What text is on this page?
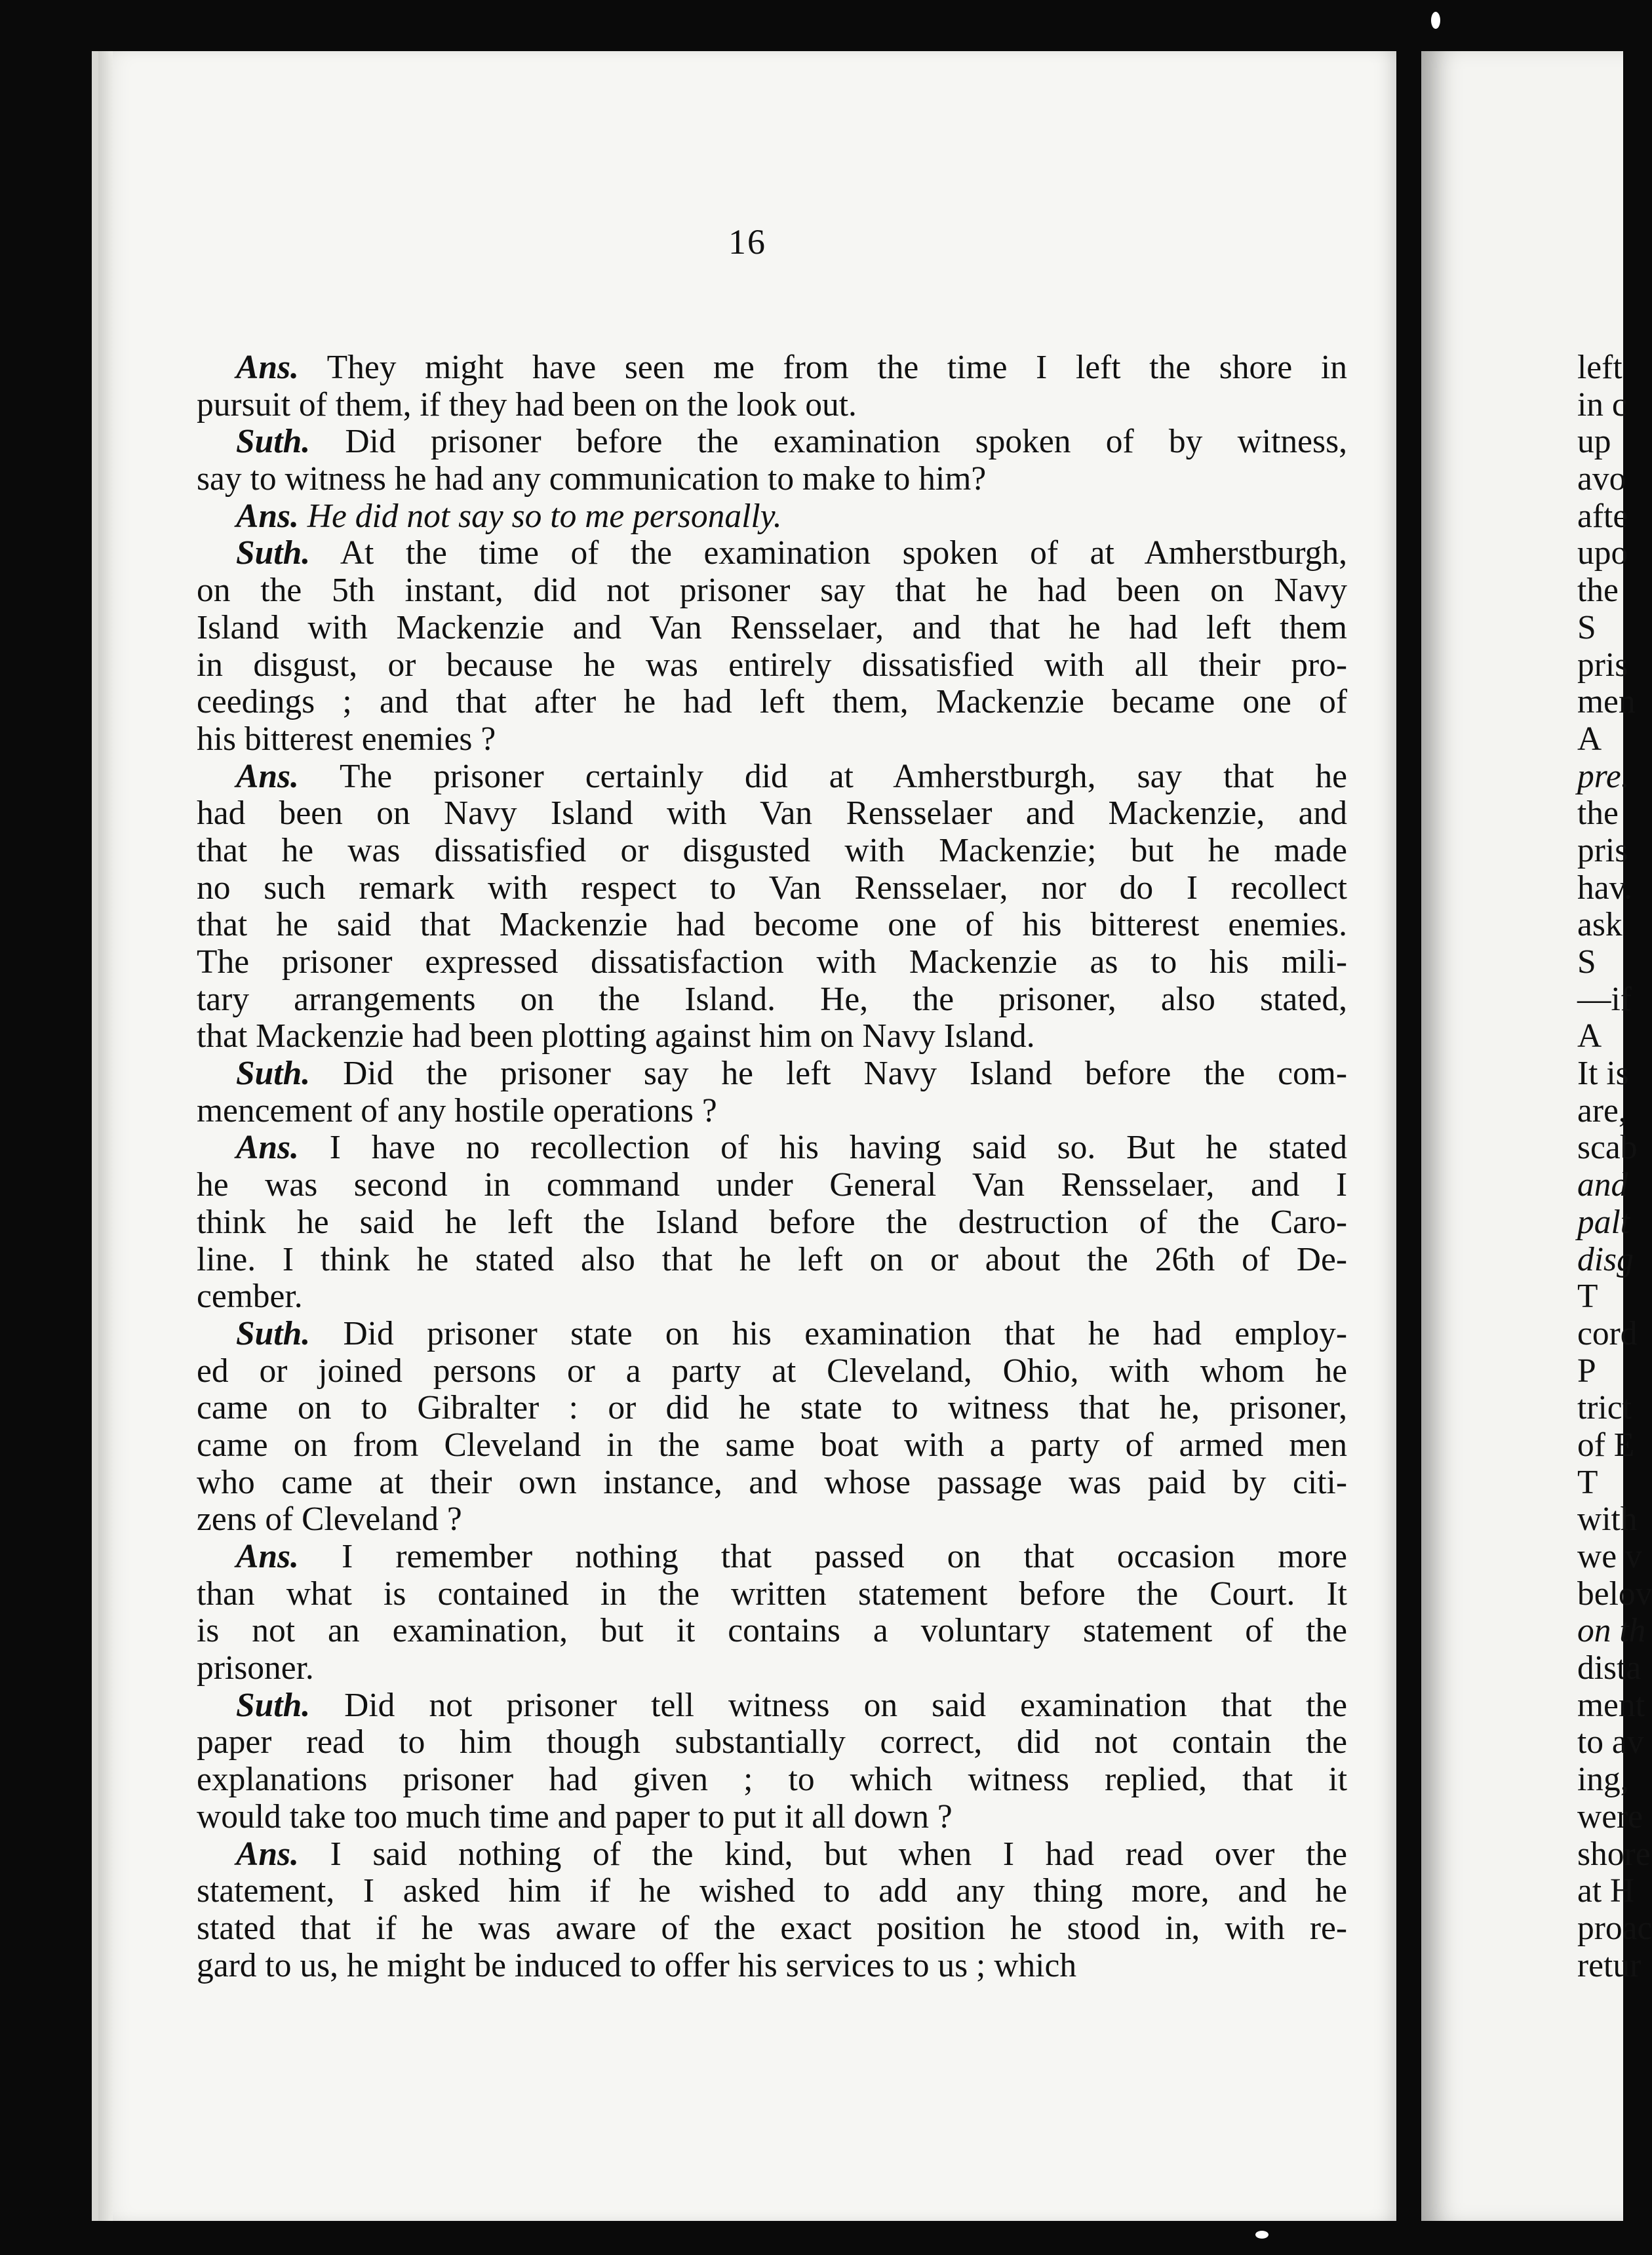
16
Ans. They might have seen me from the time I left the shore in
pursuit of them, if they had been on the look out.
Suth. Did prisoner before the examination spoken of by witness,
say to witness he had any communication to make to him?
Ans. He did not say so to me personally.
Suth. At the time of the examination spoken of at Amherstburgh,
on the 5th instant, did not prisoner say that he had been on Navy
Island with Mackenzie and Van Rensselaer, and that he had left them
in disgust, or because he was entirely dissatisfied with all their pro-
ceedings ; and that after he had left them, Mackenzie became one of
his bitterest enemies ?
Ans. The prisoner certainly did at Amherstburgh, say that he
had been on Navy Island with Van Rensselaer and Mackenzie, and
that he was dissatisfied or disgusted with Mackenzie; but he made
no such remark with respect to Van Rensselaer, nor do I recollect
that he said that Mackenzie had become one of his bitterest enemies.
The prisoner expressed dissatisfaction with Mackenzie as to his mili-
tary arrangements on the Island. He, the prisoner, also stated,
that Mackenzie had been plotting against him on Navy Island.
Suth. Did the prisoner say he left Navy Island before the com-
mencement of any hostile operations ?
Ans. I have no recollection of his having said so. But he stated
he was second in command under General Van Rensselaer, and I
think he said he left the Island before the destruction of the Caro-
line. I think he stated also that he left on or about the 26th of De-
cember.
Suth. Did prisoner state on his examination that he had employ-
ed or joined persons or a party at Cleveland, Ohio, with whom he
came on to Gibralter : or did he state to witness that he, prisoner,
came on from Cleveland in the same boat with a party of armed men
who came at their own instance, and whose passage was paid by citi-
zens of Cleveland ?
Ans. I remember nothing that passed on that occasion more
than what is contained in the written statement before the Court. It
is not an examination, but it contains a voluntary statement of the
prisoner.
Suth. Did not prisoner tell witness on said examination that the
paper read to him though substantially correct, did not contain the
explanations prisoner had given ; to which witness replied, that it
would take too much time and paper to put it all down ?
Ans. I said nothing of the kind, but when I had read over the
statement, I asked him if he wished to add any thing more, and he
stated that if he was aware of the exact position he stood in, with re-
gard to us, he might be induced to offer his services to us ; which
left
in c
up
avo
afte
upo
the
S
pris
men
A
pre.
the
pris
hav.
ask
S
—if
A
It is
are,
scab
and
palt
disg
T
cord
P
trict
of E
T
with
we v
belov
on th
dista
ment
to av
ing,
were
shore
at H
proac
retur
